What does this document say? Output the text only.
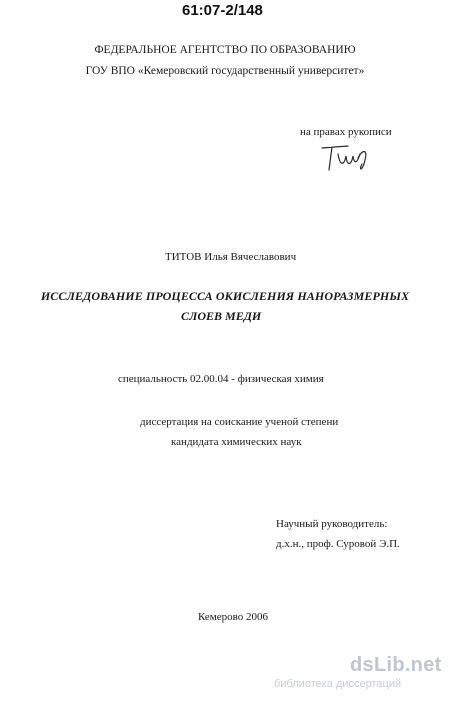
61:07-2/148
ФЕДЕРАЛЬНОЕ АГЕНТСТВО ПО ОБРАЗОВАНИЮ
ГОУ ВПО «Кемеровский государственный университет»
на правах рукописи
ТИТОВ Илья Вячеславович
ИССЛЕДОВАНИЕ ПРОЦЕССА ОКИСЛЕНИЯ НАНОРАЗМЕРНЫХ
СЛОЕВ МЕДИ
специальность 02.00.04 - физическая химия
диссертация на соискание ученой степени
кандидата химических наук
Научный руководитель:
д.х.н., проф. Суровой Э.П.
Кемерово 2006
dsLib.net
библиотека диссертаций
